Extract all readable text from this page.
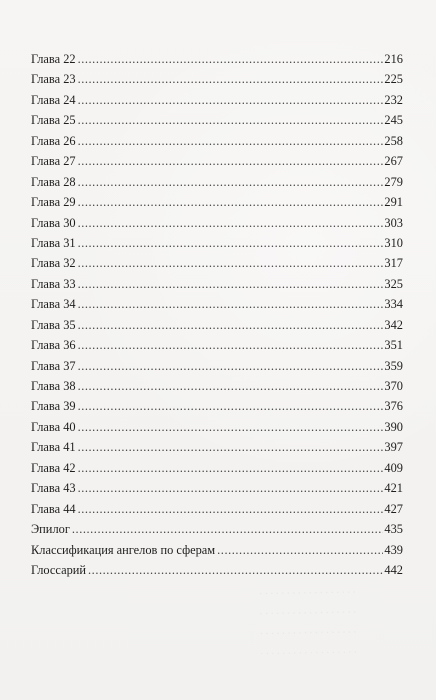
Глава 22 .....	216
Глава 23 .....	225
Глава 24 .....	232
Глава 25 .....	245
Глава 26 .....	258
Глава 27 .....	267
Глава 28 .....	279
Глава 29 .....	291
Глава 30 .....	303
Глава 31 .....	310
Глава 32 .....	317
Глава 33 .....	325
Глава 34 .....	334
Глава 35 .....	342
Глава 36 .....	351
Глава 37 .....	359
Глава 38 .....	370
Глава 39 .....	376
Глава 40 .....	390
Глава 41 .....	397
Глава 42 .....	409
Глава 43 .....	421
Глава 44 .....	427
Эпилог .....	435
Классификация ангелов по сферам .....	439
Глоссарий .....	442
. . . . . . . . . . . . . . . . . .
. . . . . . . . . . . . . . . . . .
. . . . . . . . . . . . . . . . . .
. . . . . . . . . . . . . . . . . .
